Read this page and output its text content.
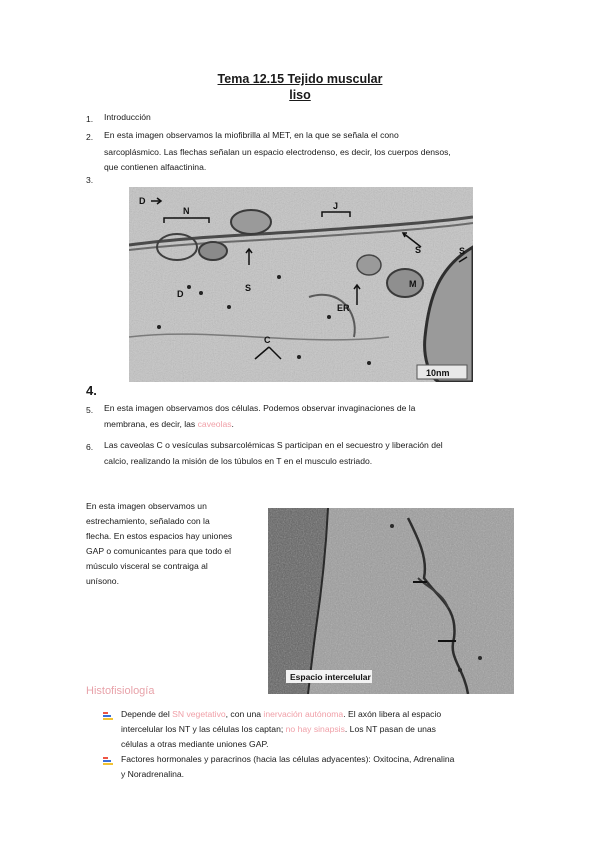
Tema 12.15 Tejido muscular
liso
1. Introducción
2. En esta imagen observamos la miofibrilla al MET, en la que se señala el cono
sarcoplásmico. Las flechas señalan un espacio electrodenso, es decir, los cuerpos densos,
que contienen alfaactinina.
3.
D
N	J
S
D
S
C
ER
M
S
10nm
4.
5. En esta imagen observamos dos células. Podemos observar invaginaciones de la
membrana, es decir, las caveolas.
6. Las caveolas C o vesículas subsarcolémicas S participan en el secuestro y liberación del
calcio, realizando la misión de los túbulos en T en el musculo estriado.
En esta imagen observamos un
estrechamiento, señalado con la
flecha. En estos espacios hay uniones
GAP o comunicantes para que todo el
músculo visceral se contraiga al
unísono.
Espacio intercelular
Histofisiología
Depende del SN vegetativo, con una inervación autónoma. El axón libera al espacio
intercelular los NT y las células los captan; no hay sinapsis. Los NT pasan de unas
células a otras mediante uniones GAP.
Factores hormonales y paracrinos (hacia las células adyacentes): Oxitocina, Adrenalina
y Noradrenalina.
